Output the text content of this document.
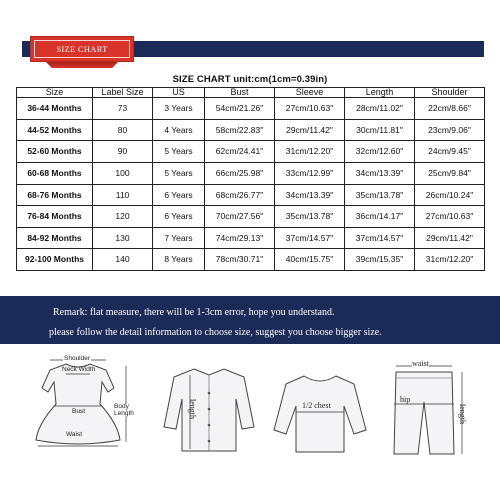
SIZE CHART
SIZE CHART unit:cm(1cm=0.39in)
Size	Label Size	US	Bust	Sleeve	Length	Shoulder
36-44 Months	73	3 Years	54cm/21.26"	27cm/10.63"	28cm/11.02"	22cm/8.66"
44-52 Months	80	4 Years	58cm/22.83"	29cm/11.42"	30cm/11.81"	23cm/9.06"
52-60 Months	90	5 Years	62cm/24.41"	31cm/12.20"	32cm/12.60"	24cm/9.45"
60-68 Months	100	5 Years	66cm/25.98"	33cm/12.99"	34cm/13.39"	25cm/9.84"
68-76 Months	110	6 Years	68cm/26.77"	34cm/13.39"	35cm/13.78"	26cm/10.24"
76-84 Months	120	6 Years	70cm/27.56"	35cm/13.78"	36cm/14.17"	27cm/10.63"
84-92 Months	130	7 Years	74cm/29.13"	37cm/14.57"	37cm/14.57"	29cm/11.42"
92-100 Months	140	8 Years	78cm/30.71"	40cm/15.75"	39cm/15.35"	31cm/12.20"
Remark: flat measure, there will be 1-3cm error, hope you understand.
please follow the detail information to choose size, suggest you choose bigger size.
Shoulder
Neck Width
Bust
Body
Length
Waist
length	1/2 chest
waist
hip
length
